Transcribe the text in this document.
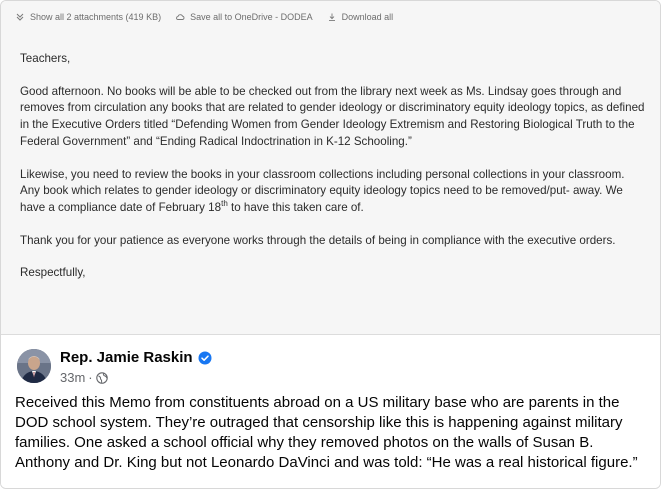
Show all 2 attachments (419 KB)	Save all to OneDrive - DODEA	Download all

Teachers,

Good afternoon. No books will be able to be checked out from the library next week as Ms. Lindsay goes through and removes from circulation any books that are related to gender ideology or discriminatory equity ideology topics, as defined in the Executive Orders titled “Defending Women from Gender Ideology Extremism and Restoring Biological Truth to the Federal Government” and “Ending Radical Indoctrination in K-12 Schooling.”

Likewise, you need to review the books in your classroom collections including personal collections in your classroom. Any book which relates to gender ideology or discriminatory equity ideology topics need to be removed/put- away. We have a compliance date of February 18th to have this taken care of.

Thank you for your patience as everyone works through the details of being in compliance with the executive orders.

Respectfully,

Rep. Jamie Raskin
33m ·
Received this Memo from constituents abroad on a US military base who are parents in the DOD school system. They’re outraged that censorship like this is happening against military families. One asked a school official why they removed photos on the walls of Susan B. Anthony and Dr. King but not Leonardo DaVinci and was told: “He was a real historical figure.”
